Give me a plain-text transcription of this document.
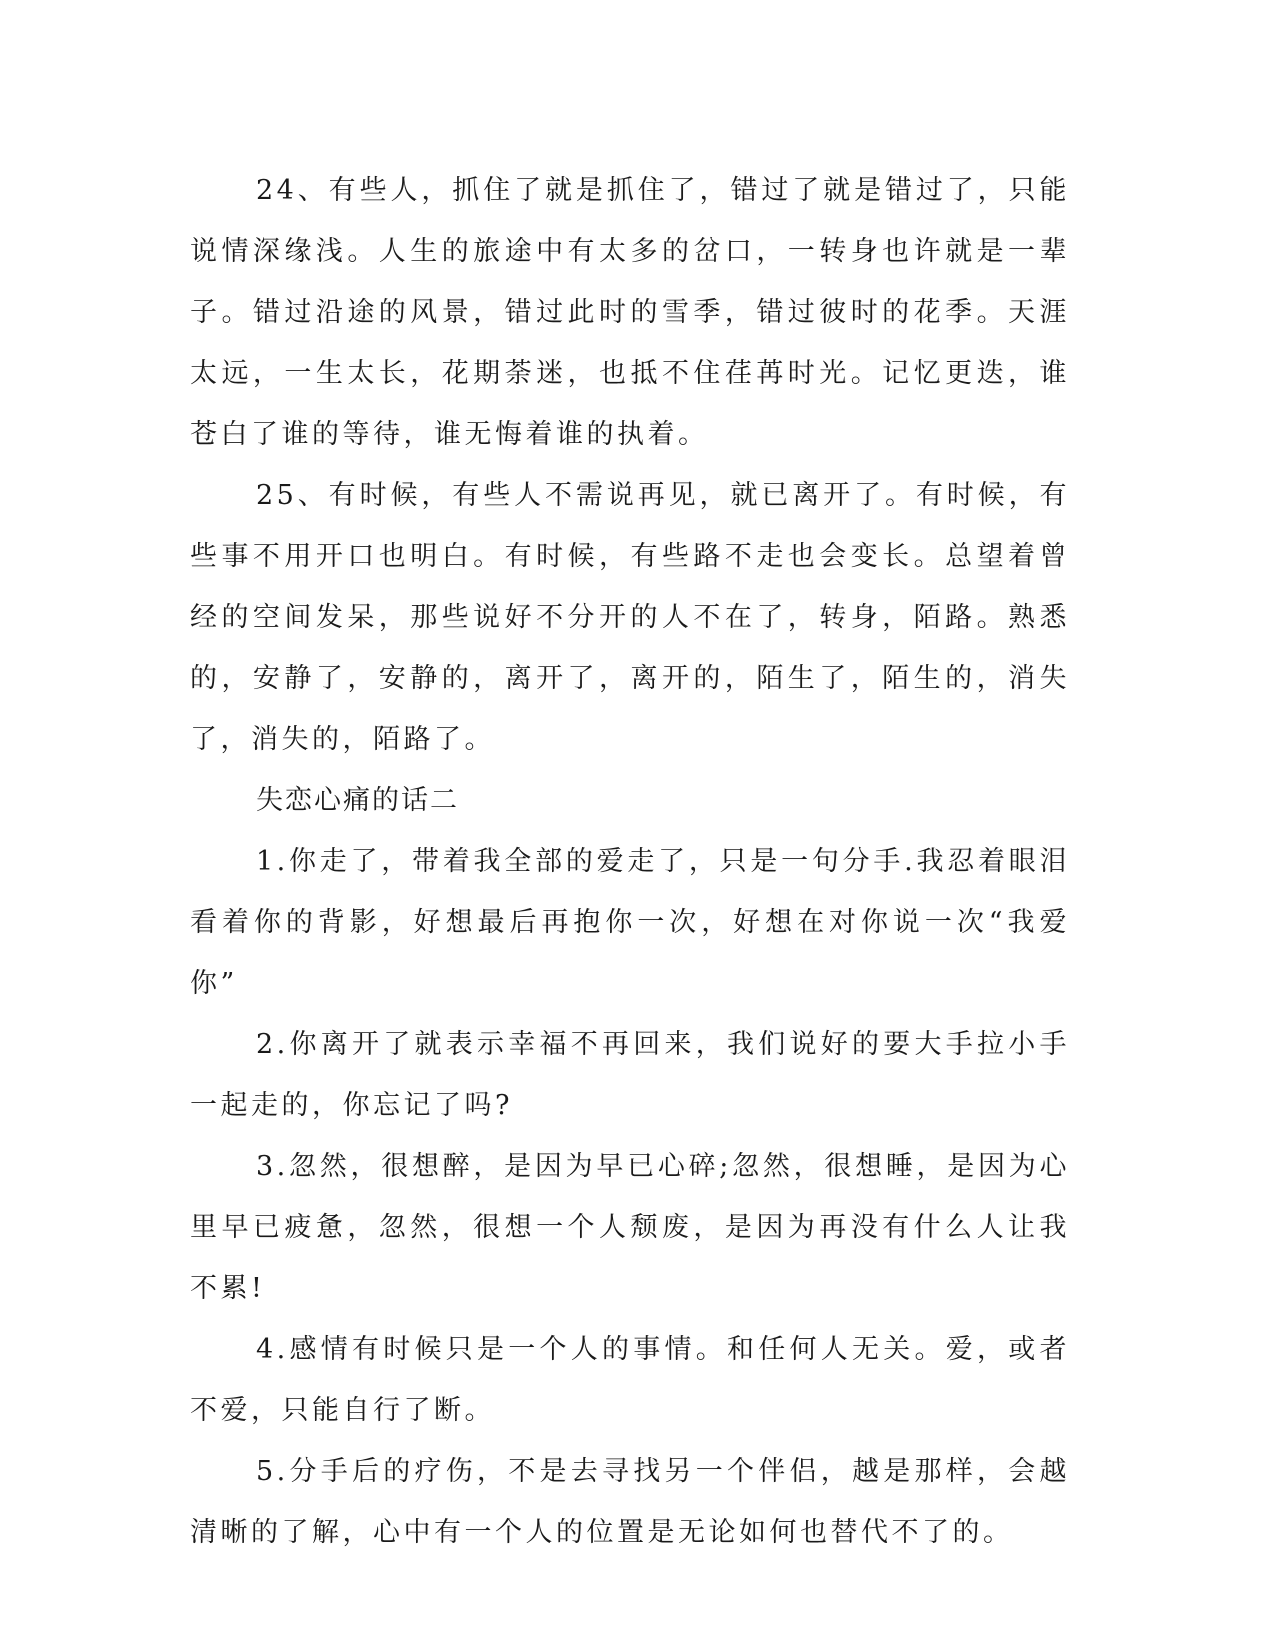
24、有些人，抓住了就是抓住了，错过了就是错过了，只能说情深缘浅。人生的旅途中有太多的岔口，一转身也许就是一辈子。错过沿途的风景，错过此时的雪季，错过彼时的花季。天涯太远，一生太长，花期荼迷，也抵不住荏苒时光。记忆更迭，谁苍白了谁的等待，谁无悔着谁的执着。

25、有时候，有些人不需说再见，就已离开了。有时候，有些事不用开口也明白。有时候，有些路不走也会变长。总望着曾经的空间发呆，那些说好不分开的人不在了，转身，陌路。熟悉的，安静了，安静的，离开了，离开的，陌生了，陌生的，消失了，消失的，陌路了。

失恋心痛的话二

1.你走了，带着我全部的爱走了，只是一句分手.我忍着眼泪看着你的背影，好想最后再抱你一次，好想在对你说一次“我爱你”

2.你离开了就表示幸福不再回来，我们说好的要大手拉小手一起走的，你忘记了吗?

3.忽然，很想醉，是因为早已心碎;忽然，很想睡，是因为心里早已疲惫，忽然，很想一个人颓废，是因为再没有什么人让我不累!

4.感情有时候只是一个人的事情。和任何人无关。爱，或者不爱，只能自行了断。

5.分手后的疗伤，不是去寻找另一个伴侣，越是那样，会越清晰的了解，心中有一个人的位置是无论如何也替代不了的。
